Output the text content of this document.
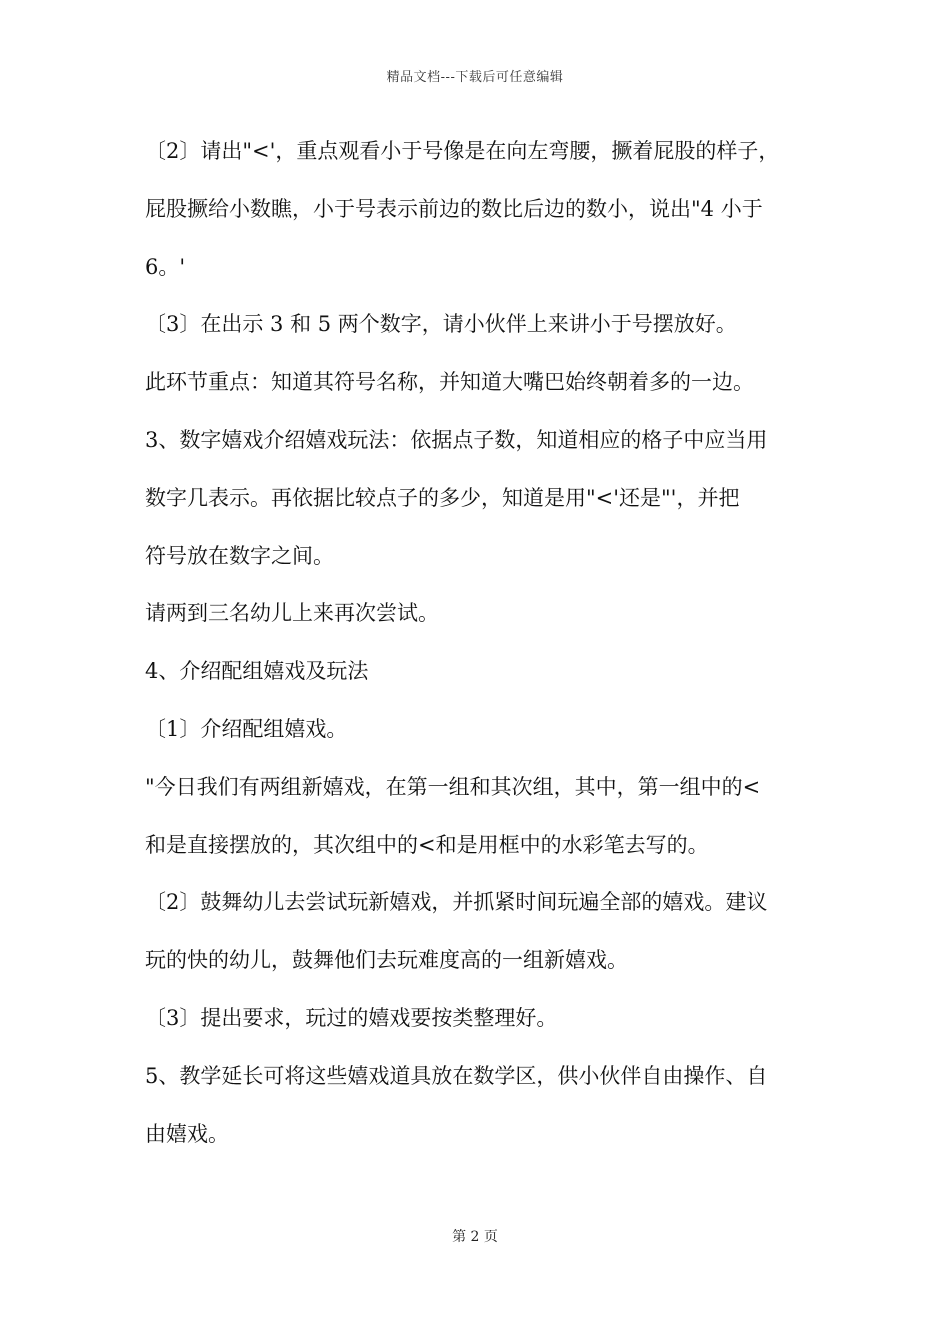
精品文档---下载后可任意编辑
〔2〕请出"<'，重点观看小于号像是在向左弯腰，撅着屁股的样子，
屁股撅给小数瞧，小于号表示前边的数比后边的数小，说出"4 小于
6。'
〔3〕在出示 3 和 5 两个数字，请小伙伴上来讲小于号摆放好。
此环节重点：知道其符号名称，并知道大嘴巴始终朝着多的一边。
3、数字嬉戏介绍嬉戏玩法：依据点子数，知道相应的格子中应当用
数字几表示。再依据比较点子的多少，知道是用"<'还是"'，并把
符号放在数字之间。
请两到三名幼儿上来再次尝试。
4、介绍配组嬉戏及玩法
〔1〕介绍配组嬉戏。
"今日我们有两组新嬉戏，在第一组和其次组，其中，第一组中的<
和是直接摆放的，其次组中的<和是用框中的水彩笔去写的。
〔2〕鼓舞幼儿去尝试玩新嬉戏，并抓紧时间玩遍全部的嬉戏。建议
玩的快的幼儿，鼓舞他们去玩难度高的一组新嬉戏。
〔3〕提出要求，玩过的嬉戏要按类整理好。
5、教学延长可将这些嬉戏道具放在数学区，供小伙伴自由操作、自
由嬉戏。
第 2 页
